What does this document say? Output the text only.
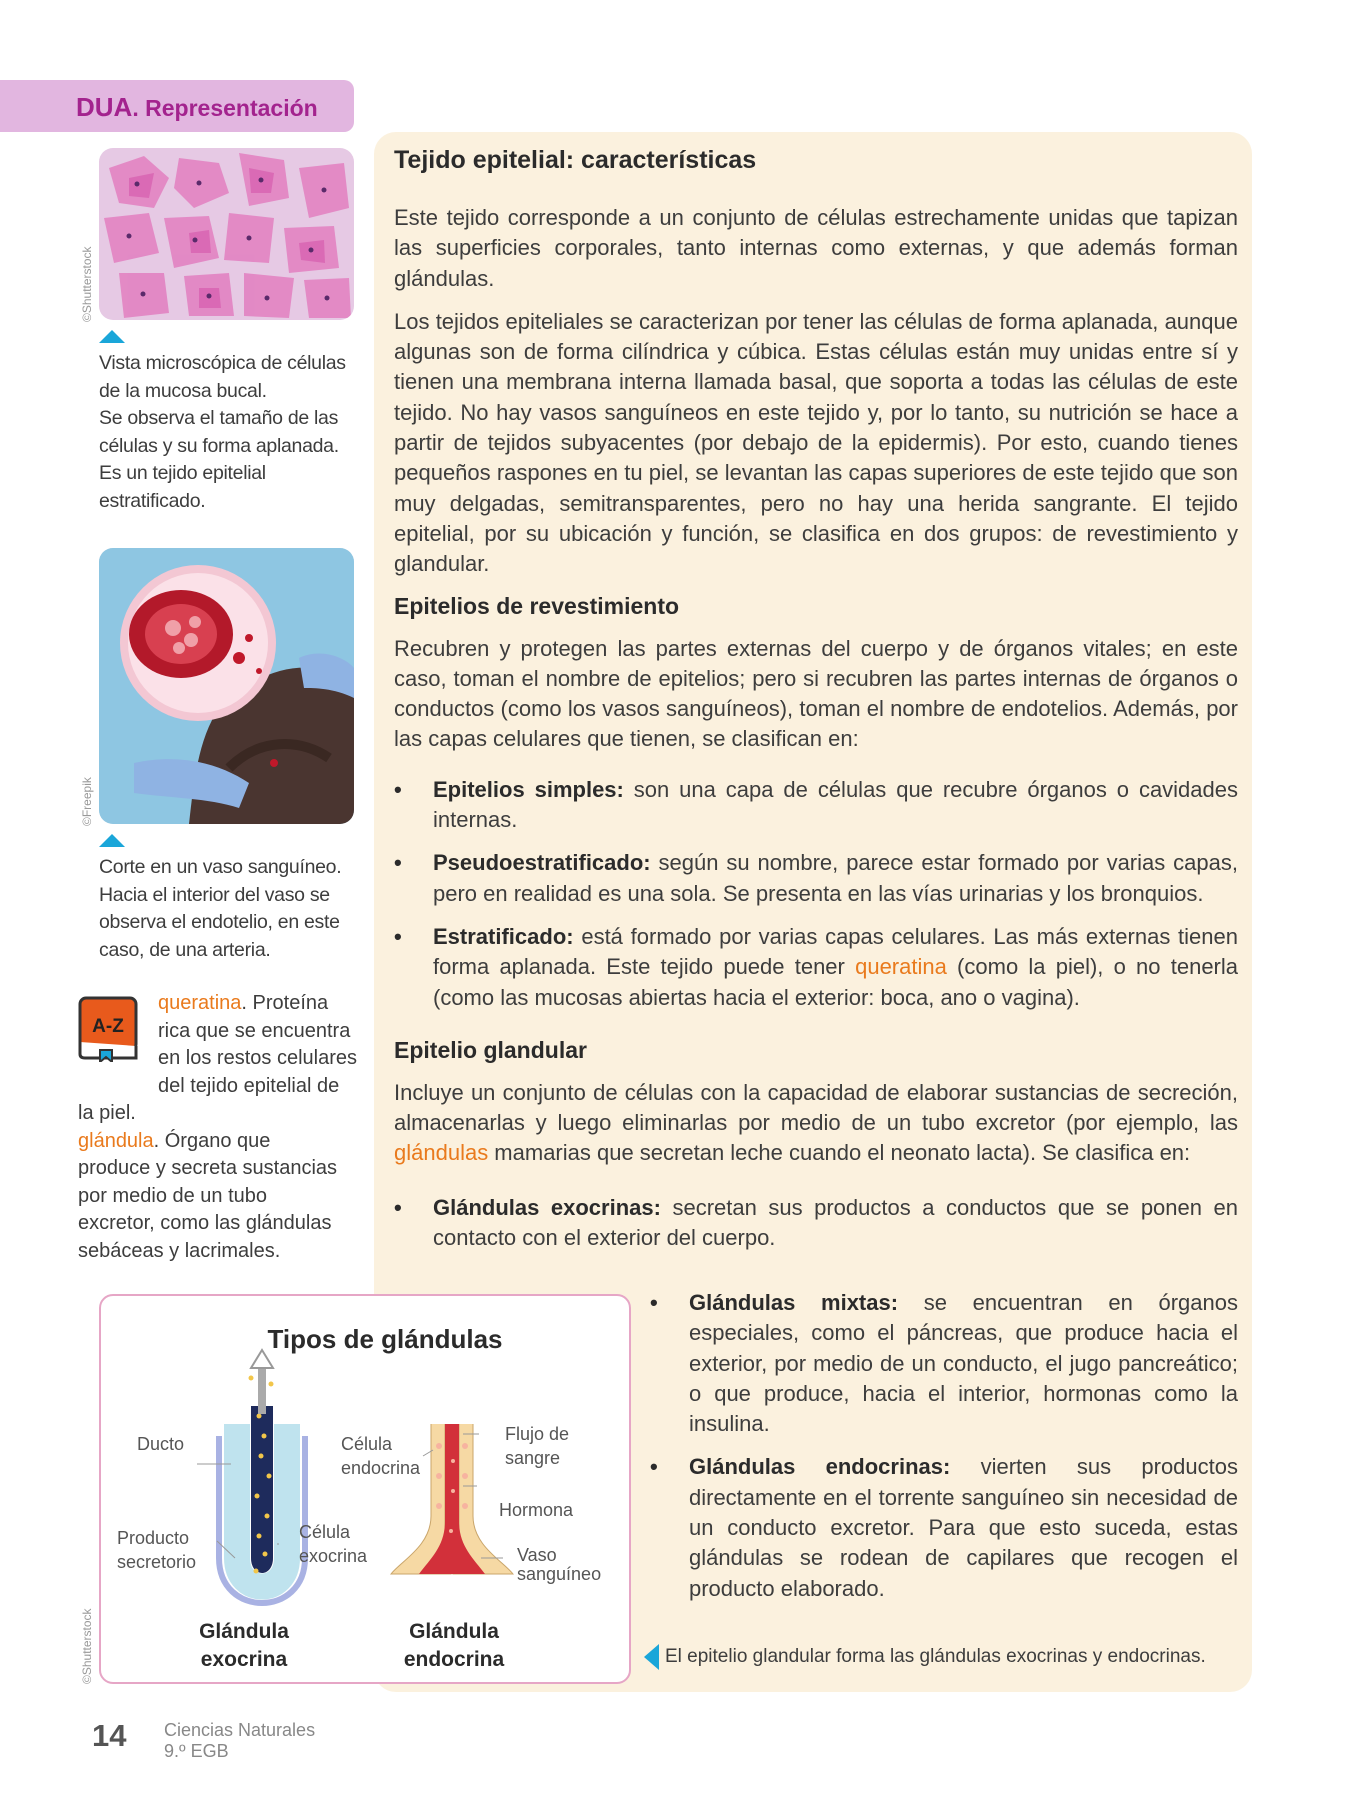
DUA. Representación
©Shutterstock
Vista microscópica de células
de la mucosa bucal.
Se observa el tamaño de las
células y su forma aplanada.
Es un tejido epitelial
estratificado.
©Freepik
Corte en un vaso sanguíneo.
Hacia el interior del vaso se
observa el endotelio, en este
caso, de una arteria.
A-Z
queratina. Proteína
rica que se encuentra
en los restos celulares
del tejido epitelial de
la piel.
glándula. Órgano que
produce y secreta sustancias
por medio de un tubo
excretor, como las glándulas
sebáceas y lacrimales.
Tejido epitelial: características

Este tejido corresponde a un conjunto de células estrechamente unidas que tapizan las superficies corporales, tanto internas como externas, y que además forman glándulas.

Los tejidos epiteliales se caracterizan por tener las células de forma aplanada, aunque algunas son de forma cilíndrica y cúbica. Estas células están muy unidas entre sí y tienen una membrana interna llamada basal, que soporta a todas las células de este tejido. No hay vasos sanguíneos en este tejido y, por lo tanto, su nutrición se hace a partir de tejidos subyacentes (por debajo de la epidermis). Por esto, cuando tienes pequeños raspones en tu piel, se levantan las capas superiores de este tejido que son muy delgadas, semitransparentes, pero no hay una herida sangrante. El tejido epitelial, por su ubicación y función, se clasifica en dos grupos: de revestimiento y glandular.

Epitelios de revestimiento

Recubren y protegen las partes externas del cuerpo y de órganos vitales; en este caso, toman el nombre de epitelios; pero si recubren las partes internas de órganos o conductos (como los vasos sanguíneos), toman el nombre de endotelios. Además, por las capas celulares que tienen, se clasifican en:

• Epitelios simples: son una capa de células que recubre órganos o cavidades internas.
• Pseudoestratificado: según su nombre, parece estar formado por varias capas, pero en realidad es una sola. Se presenta en las vías urinarias y los bronquios.
• Estratificado: está formado por varias capas celulares. Las más externas tienen forma aplanada. Este tejido puede tener queratina (como la piel), o no tenerla (como las mucosas abiertas hacia el exterior: boca, ano o vagina).
Epitelio glandular

Incluye un conjunto de células con la capacidad de elaborar sustancias de secreción, almacenarlas y luego eliminarlas por medio de un tubo excretor (por ejemplo, las glándulas mamarias que secretan leche cuando el neonato lacta). Se clasifica en:

• Glándulas exocrinas: secretan sus productos a conductos que se ponen en contacto con el exterior del cuerpo.
• Glándulas mixtas: se encuentran en órganos especiales, como el páncreas, que produce hacia el exterior, por medio de un conducto, el jugo pancreático; o que produce, hacia el interior, hormonas como la insulina.
• Glándulas endocrinas: vierten sus productos directamente en el torrente sanguíneo sin necesidad de un conducto excretor. Para que esto suceda, estas glándulas se rodean de capilares que recogen el producto elaborado.
El epitelio glandular forma las glándulas exocrinas y endocrinas.
Tipos de glándulas
Ducto
Producto
secretorio
Célula
exocrina
Célula
endocrina
Flujo de
sangre
Hormona
Vaso
sanguíneo
Glándula
exocrina
Glándula
endocrina
©Shutterstock
14 Ciencias Naturales
9.º EGB
